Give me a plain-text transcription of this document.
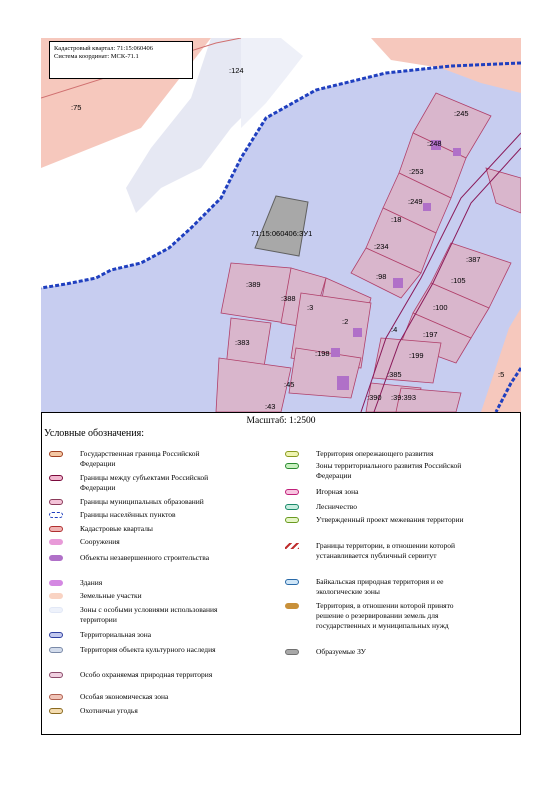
71:15:060406:ЗУ1
:124
:75
:245
:248
:253
:249
:18
:234
:98
:387
:105
:100
:389
:388
:3
:2
:4
:197
:383
:198	:199
:45
:385	:5
:43
:390 :39:393
Кадастровый квартал: 71:15:060406
Система координат: МСК-71.1
Масштаб: 1:2500
Условные обозначения:
Государственная граница Российской Федерации
Границы между субъектами Российской Федерации
Границы муниципальных образований
Границы населённых пунктов
Кадастровые кварталы
Сооружения
Объекты незавершенного строительства
Здания
Земельные участки
Зоны с особыми условиями использования территории
Территориальная зона
Территория объекта культурного наследия
Особо охраняемая природная территория
Особая экономическая зона
Охотничьи угодья
Территория опережающего развития
Зоны территориального развития Российской Федерации
Игорная зона
Лесничество
Утвержденный проект межевания территории
Границы территории, в отношении которой устанавливается публичный сервитут
Байкальская природная территория и ее экологические зоны
Территория, в отношении которой принято решение о резервировании земель для государственных и муниципальных нужд
Образуемые ЗУ
